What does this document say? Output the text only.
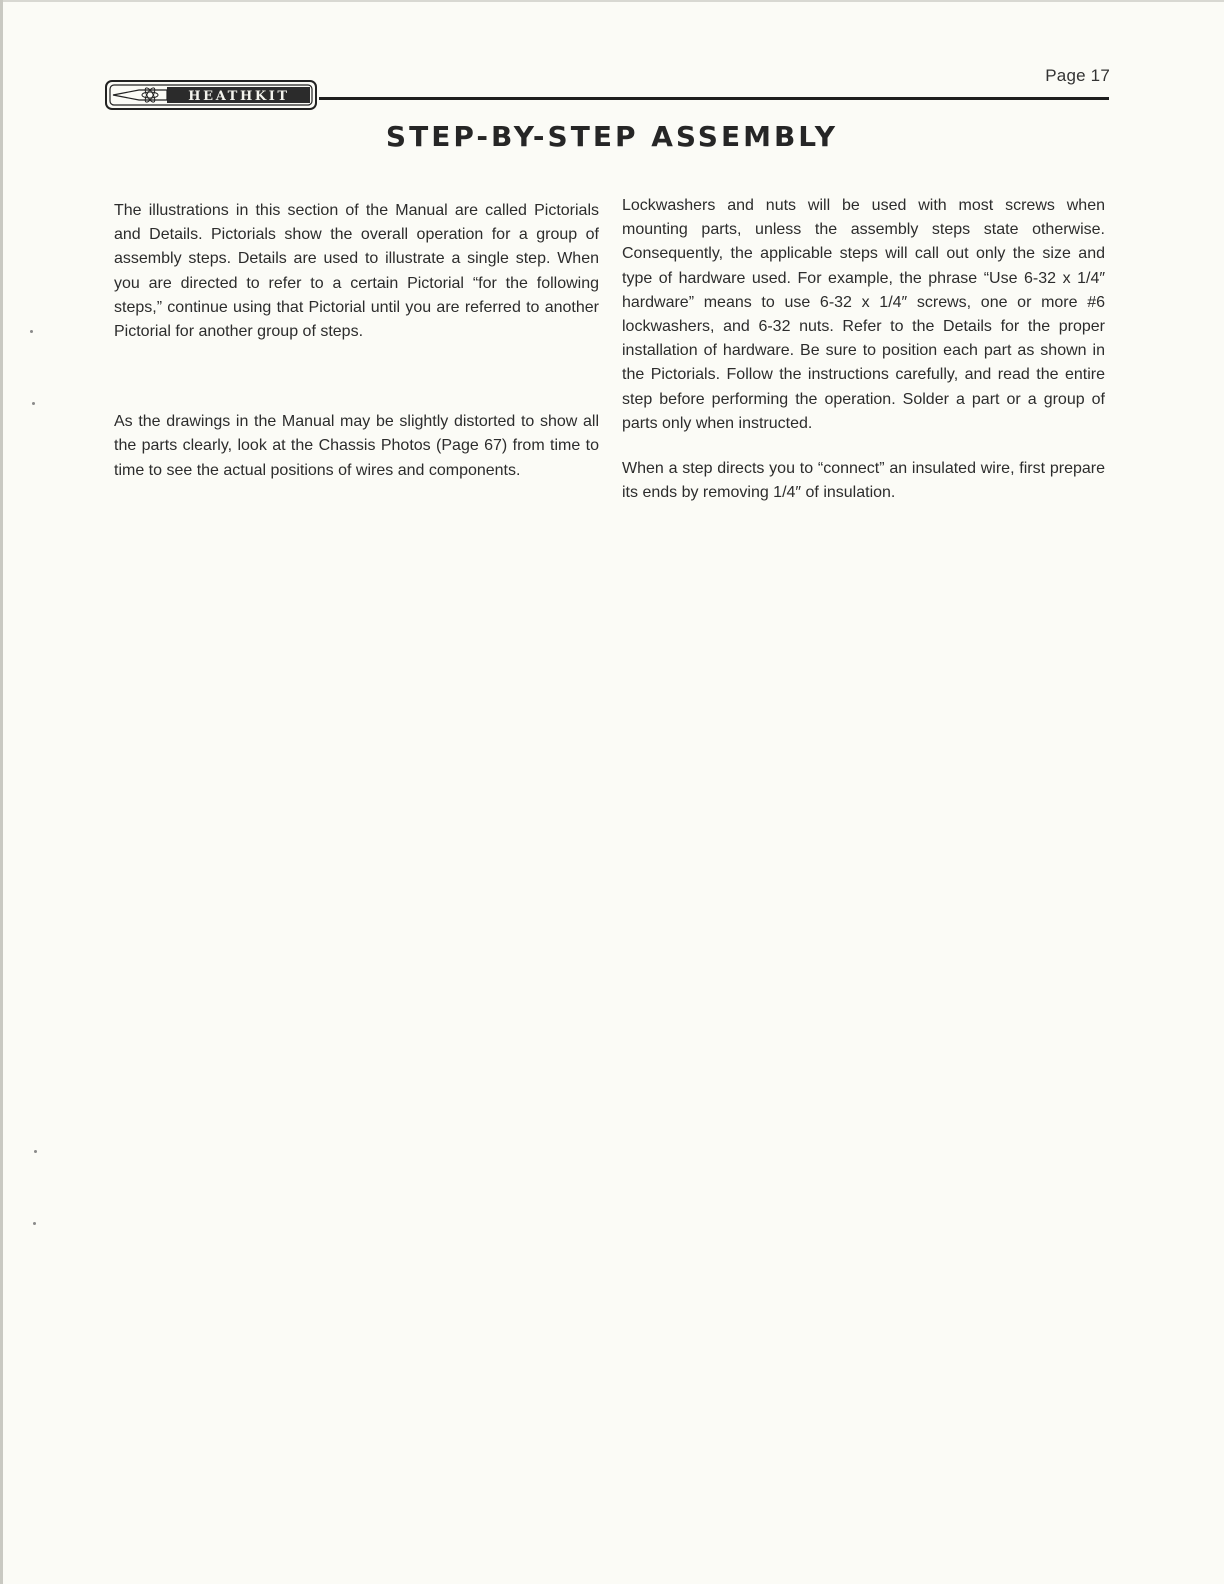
HEATHKIT
Page 17
STEP-BY-STEP ASSEMBLY

The illustrations in this section of the Manual are called Pictorials and Details. Pictorials show the overall operation for a group of assembly steps. Details are used to illustrate a single step. When you are directed to refer to a certain Pictorial “for the following steps,” continue using that Pictorial until you are referred to another Pictorial for another group of steps.

As the drawings in the Manual may be slightly distorted to show all the parts clearly, look at the Chassis Photos (Page 67) from time to time to see the actual positions of wires and components.

Lockwashers and nuts will be used with most screws when mounting parts, unless the assembly steps state otherwise. Consequently, the applicable steps will call out only the size and type of hardware used. For example, the phrase “Use 6-32 x 1/4″ hardware” means to use 6-32 x 1/4″ screws, one or more #6 lockwashers, and 6-32 nuts. Refer to the Details for the proper installation of hardware. Be sure to position each part as shown in the Pictorials. Follow the instructions carefully, and read the entire step before performing the operation. Solder a part or a group of parts only when instructed.

When a step directs you to “connect” an insulated wire, first prepare its ends by removing 1/4″ of insulation.
